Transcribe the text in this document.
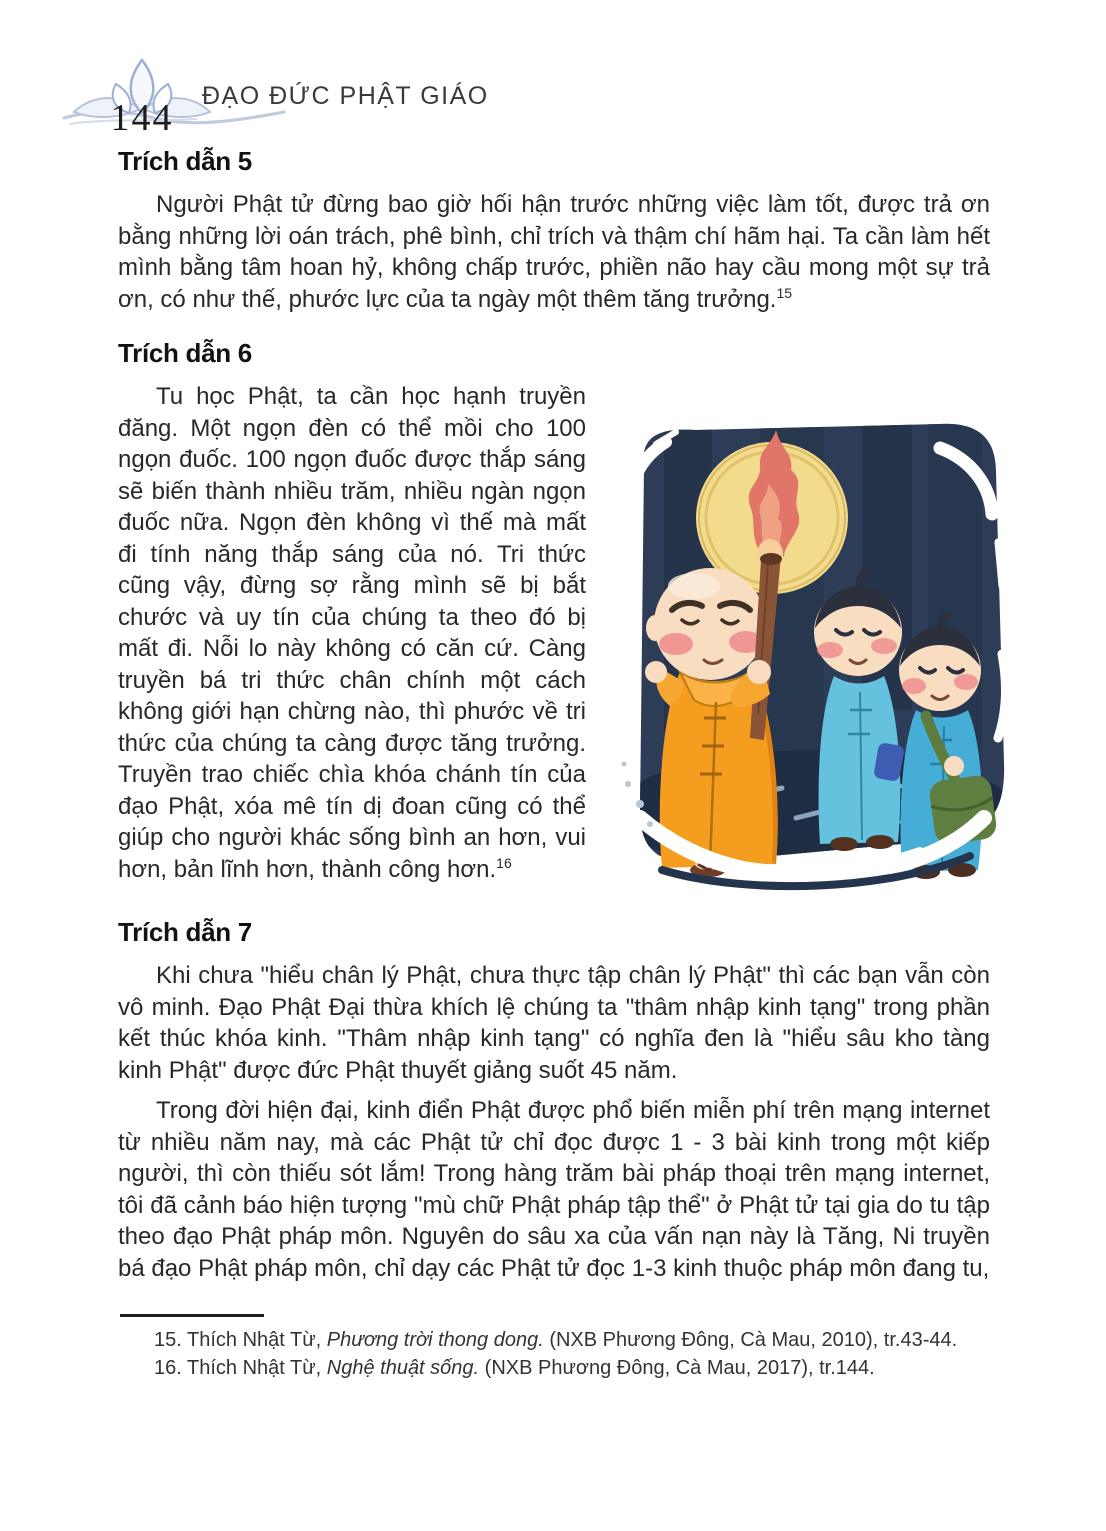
144
ĐẠO ĐỨC PHẬT GIÁO
Trích dẫn 5

Người Phật tử đừng bao giờ hối hận trước những việc làm tốt, được trả ơn bằng những lời oán trách, phê bình, chỉ trích và thậm chí hãm hại. Ta cần làm hết mình bằng tâm hoan hỷ, không chấp trước, phiền não hay cầu mong một sự trả ơn, có như thế, phước lực của ta ngày một thêm tăng trưởng.$^{15}$

Trích dẫn 6

Tu học Phật, ta cần học hạnh truyền đăng. Một ngọn đèn có thể mồi cho 100 ngọn đuốc. 100 ngọn đuốc được thắp sáng sẽ biến thành nhiều trăm, nhiều ngàn ngọn đuốc nữa. Ngọn đèn không vì thế mà mất đi tính năng thắp sáng của nó. Tri thức cũng vậy, đừng sợ rằng mình sẽ bị bắt chước và uy tín của chúng ta theo đó bị mất đi. Nỗi lo này không có căn cứ. Càng truyền bá tri thức chân chính một cách không giới hạn chừng nào, thì phước về tri thức của chúng ta càng được tăng trưởng. Truyền trao chiếc chìa khóa chánh tín của đạo Phật, xóa mê tín dị đoan cũng có thể giúp cho người khác sống bình an hơn, vui hơn, bản lĩnh hơn, thành công hơn.$^{16}$

Trích dẫn 7

Khi chưa "hiểu chân lý Phật, chưa thực tập chân lý Phật" thì các bạn vẫn còn vô minh. Đạo Phật Đại thừa khích lệ chúng ta "thâm nhập kinh tạng" trong phần kết thúc khóa kinh. "Thâm nhập kinh tạng" có nghĩa đen là "hiểu sâu kho tàng kinh Phật" được đức Phật thuyết giảng suốt 45 năm.

Trong đời hiện đại, kinh điển Phật được phổ biến miễn phí trên mạng internet từ nhiều năm nay, mà các Phật tử chỉ đọc được 1 - 3 bài kinh trong một kiếp người, thì còn thiếu sót lắm! Trong hàng trăm bài pháp thoại trên mạng internet, tôi đã cảnh báo hiện tượng "mù chữ Phật pháp tập thể" ở Phật tử tại gia do tu tập theo đạo Phật pháp môn. Nguyên do sâu xa của vấn nạn này là Tăng, Ni truyền bá đạo Phật pháp môn, chỉ dạy các Phật tử đọc 1-3 kinh thuộc pháp môn đang tu,

15. Thích Nhật Từ, Phương trời thong dong. (NXB Phương Đông, Cà Mau, 2010), tr.43-44.
16. Thích Nhật Từ, Nghệ thuật sống. (NXB Phương Đông, Cà Mau, 2017), tr.144.
